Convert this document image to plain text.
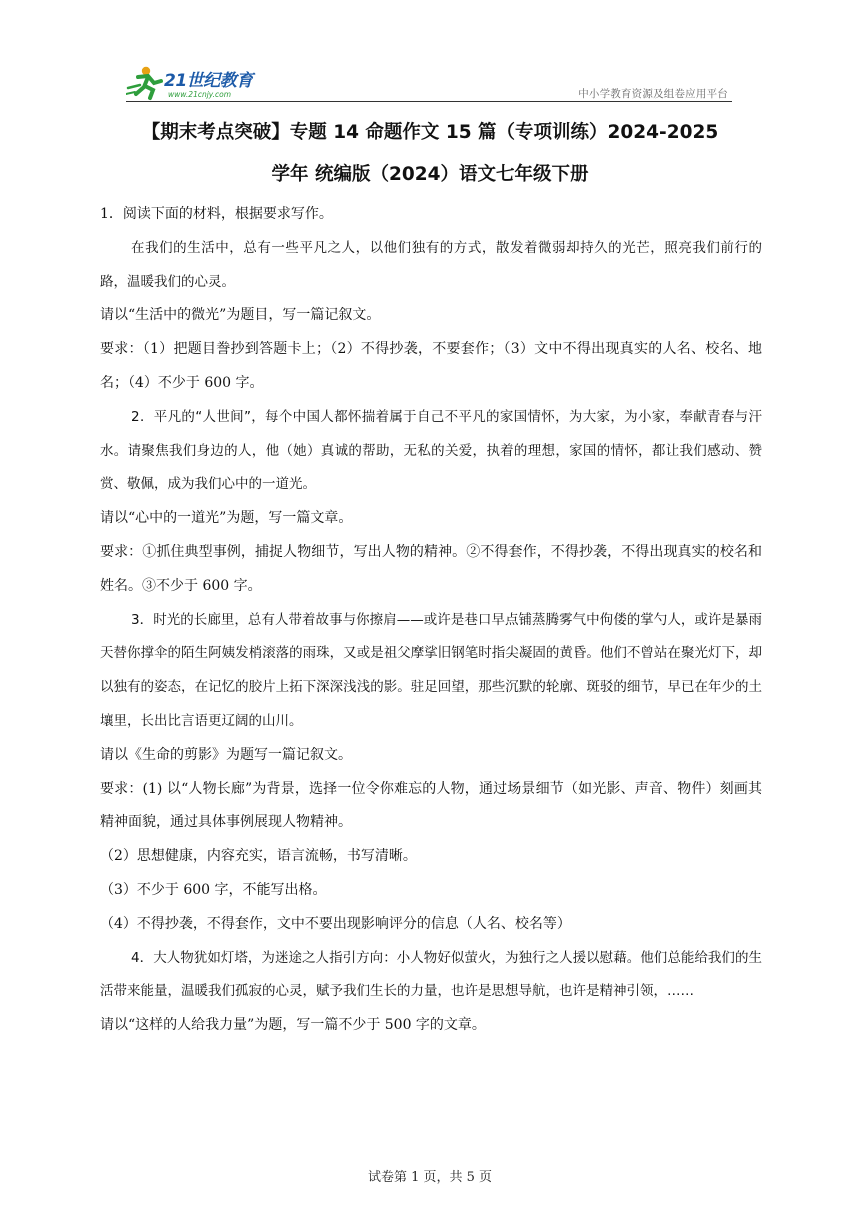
21世纪教育
www.21cnjy.com	中小学教育资源及组卷应用平台
【期末考点突破】专题 14 命题作文 15 篇（专项训练）2024-2025
学年 统编版（2024）语文七年级下册

1．阅读下面的材料，根据要求写作。

在我们的生活中，总有一些平凡之人，以他们独有的方式，散发着微弱却持久的光芒，照亮我们前行的路，温暖我们的心灵。

请以“生活中的微光”为题目，写一篇记叙文。

要求：（1）把题目誊抄到答题卡上；（2）不得抄袭，不要套作；（3）文中不得出现真实的人名、校名、地名；（4）不少于 600 字。

2．平凡的“人世间”，每个中国人都怀揣着属于自己不平凡的家国情怀，为大家，为小家，奉献青春与汗水。请聚焦我们身边的人，他（她）真诚的帮助，无私的关爱，执着的理想，家国的情怀，都让我们感动、赞赏、敬佩，成为我们心中的一道光。

请以“心中的一道光”为题，写一篇文章。

要求：①抓住典型事例，捕捉人物细节，写出人物的精神。②不得套作，不得抄袭，不得出现真实的校名和姓名。③不少于 600 字。

3．时光的长廊里，总有人带着故事与你擦肩——或许是巷口早点铺蒸腾雾气中佝偻的掌勺人，或许是暴雨天替你撑伞的陌生阿姨发梢滚落的雨珠，又或是祖父摩挲旧钢笔时指尖凝固的黄昏。他们不曾站在聚光灯下，却以独有的姿态，在记忆的胶片上拓下深深浅浅的影。驻足回望，那些沉默的轮廓、斑驳的细节，早已在年少的土壤里，长出比言语更辽阔的山川。

请以《生命的剪影》为题写一篇记叙文。

要求：(1) 以“人物长廊”为背景，选择一位令你难忘的人物，通过场景细节（如光影、声音、物件）刻画其精神面貌，通过具体事例展现人物精神。

（2）思想健康，内容充实，语言流畅，书写清晰。

（3）不少于 600 字，不能写出格。

（4）不得抄袭，不得套作，文中不要出现影响评分的信息（人名、校名等）

4．大人物犹如灯塔，为迷途之人指引方向：小人物好似萤火，为独行之人援以慰藉。他们总能给我们的生活带来能量，温暖我们孤寂的心灵，赋予我们生长的力量，也许是思想导航，也许是精神引领，……

请以“这样的人给我力量”为题，写一篇不少于 500 字的文章。

试卷第 1 页，共 5 页
